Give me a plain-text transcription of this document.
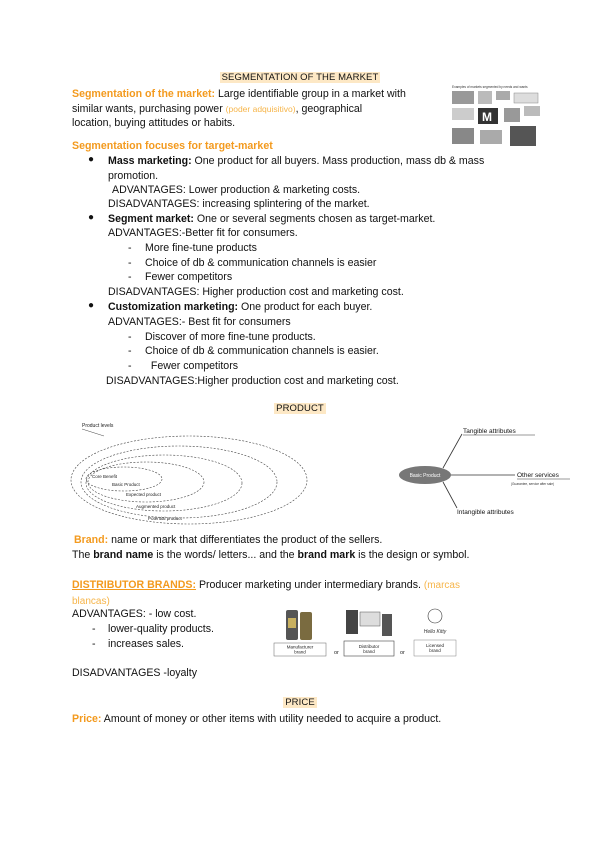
SEGMENTATION OF THE MARKET
Examples of markets segmented by needs and wants
M
Segmentation of the market: Large identifiable group in a market with
similar wants, purchasing power (poder adquisitivo), geographical
location, buying attitudes or habits.
Segmentation focuses for target-market
● Mass marketing: One product for all buyers. Mass production, mass db & mass
promotion.
ADVANTAGES: Lower production & marketing costs.
DISADVANTAGES: increasing splintering of the market.
● Segment market: One or several segments chosen as target-market.
ADVANTAGES:-Better fit for consumers.
- More fine-tune products
- Choice of db & communication channels is easier
- Fewer competitors
DISADVANTAGES: Higher production cost and marketing cost.
● Customization marketing: One product for each buyer.
ADVANTAGES:- Best fit for consumers
- Discover of more fine-tune products.
- Choice of db & communication channels is easier.
- Fewer competitors
DISADVANTAGES:Higher production cost and marketing cost.
PRODUCT
Product levels
Core Benefit
Basic Product
Expected product
Augmented product
Potential product
Basic Product
Tangible attributes
Other services
(Guarantee, service after sale)
Intangible attributes
Brand: name or mark that differentiates the product of the sellers.
The brand name is the words/ letters... and the brand mark is the design or symbol.
DISTRIBUTOR BRANDS: Producer marketing under intermediary brands. (marcas blancas)
ADVANTAGES: - low cost.
- lower-quality products.
- increases sales.
DISADVANTAGES -loyalty
Manufacturer brand	or
Distributor brand	or
Hello Kitty
Licensed brand
PRICE
Price: Amount of money or other items with utility needed to acquire a product.
